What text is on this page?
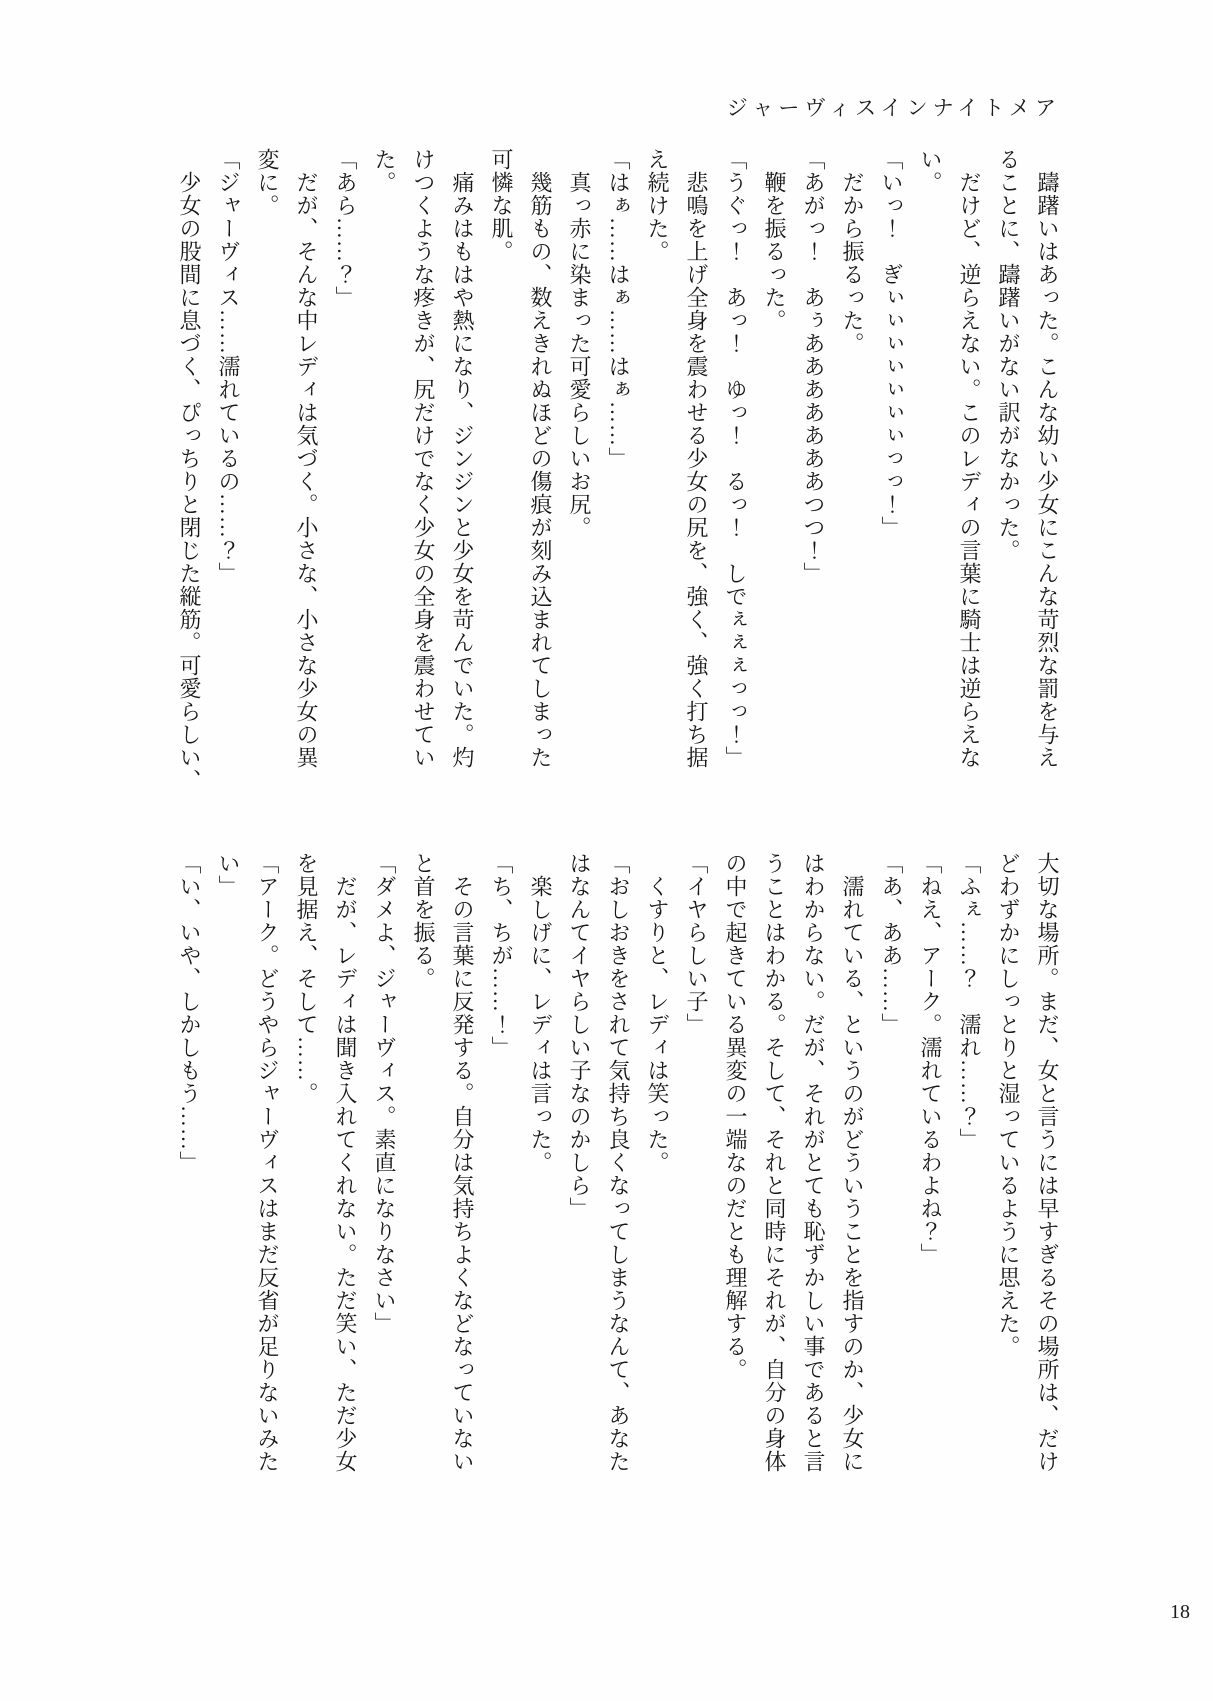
ジャーヴィスインナイトメア
　躊躇いはあった。こんな幼い少女にこんな苛烈な罰を与え
ることに、躊躇いがない訳がなかった。
　だけど、逆らえない。このレディの言葉に騎士は逆らえな
い。
「いっ！　ぎぃぃぃぃぃぃぃっっ！」
　だから振るった。
「あがっ！　あぅあああああああつつ！」
　鞭を振るった。
「うぐっ！　あっ！　ゆっ！　るっ！　しでぇぇぇっっ！」
　悲鳴を上げ全身を震わせる少女の尻を、強く、強く打ち据
え続けた。
「はぁ……はぁ……はぁ……」
　真っ赤に染まった可愛らしいお尻。
　幾筋もの、数えきれぬほどの傷痕が刻み込まれてしまった
可憐な肌。
　痛みはもはや熱になり、ジンジンと少女を苛んでいた。灼
けつくような疼きが、尻だけでなく少女の全身を震わせてい
た。
「あら……？」
　だが、そんな中レディは気づく。小さな、小さな少女の異
変に。
「ジャーヴィス……濡れているの……？」
　少女の股間に息づく、ぴっちりと閉じた縦筋。可愛らしい、
大切な場所。まだ、女と言うには早すぎるその場所は、だけ
どわずかにしっとりと湿っているように思えた。
「ふぇ……？　濡れ……？」
「ねえ、アーク。濡れているわよね？」
「あ、ああ……」
　濡れている、というのがどういうことを指すのか、少女に
はわからない。だが、それがとても恥ずかしい事であると言
うことはわかる。そして、それと同時にそれが、自分の身体
の中で起きている異変の一端なのだとも理解する。
「イヤらしい子」
　くすりと、レディは笑った。
「おしおきをされて気持ち良くなってしまうなんて、あなた
はなんてイヤらしい子なのかしら」
　楽しげに、レディは言った。
「ち、ちが……！」
　その言葉に反発する。自分は気持ちよくなどなっていない
と首を振る。
「ダメよ、ジャーヴィス。素直になりなさい」
　だが、レディは聞き入れてくれない。ただ笑い、ただ少女
を見据え、そして……。
「アーク。どうやらジャーヴィスはまだ反省が足りないみた
い」
「い、いや、しかしもう……」
18
